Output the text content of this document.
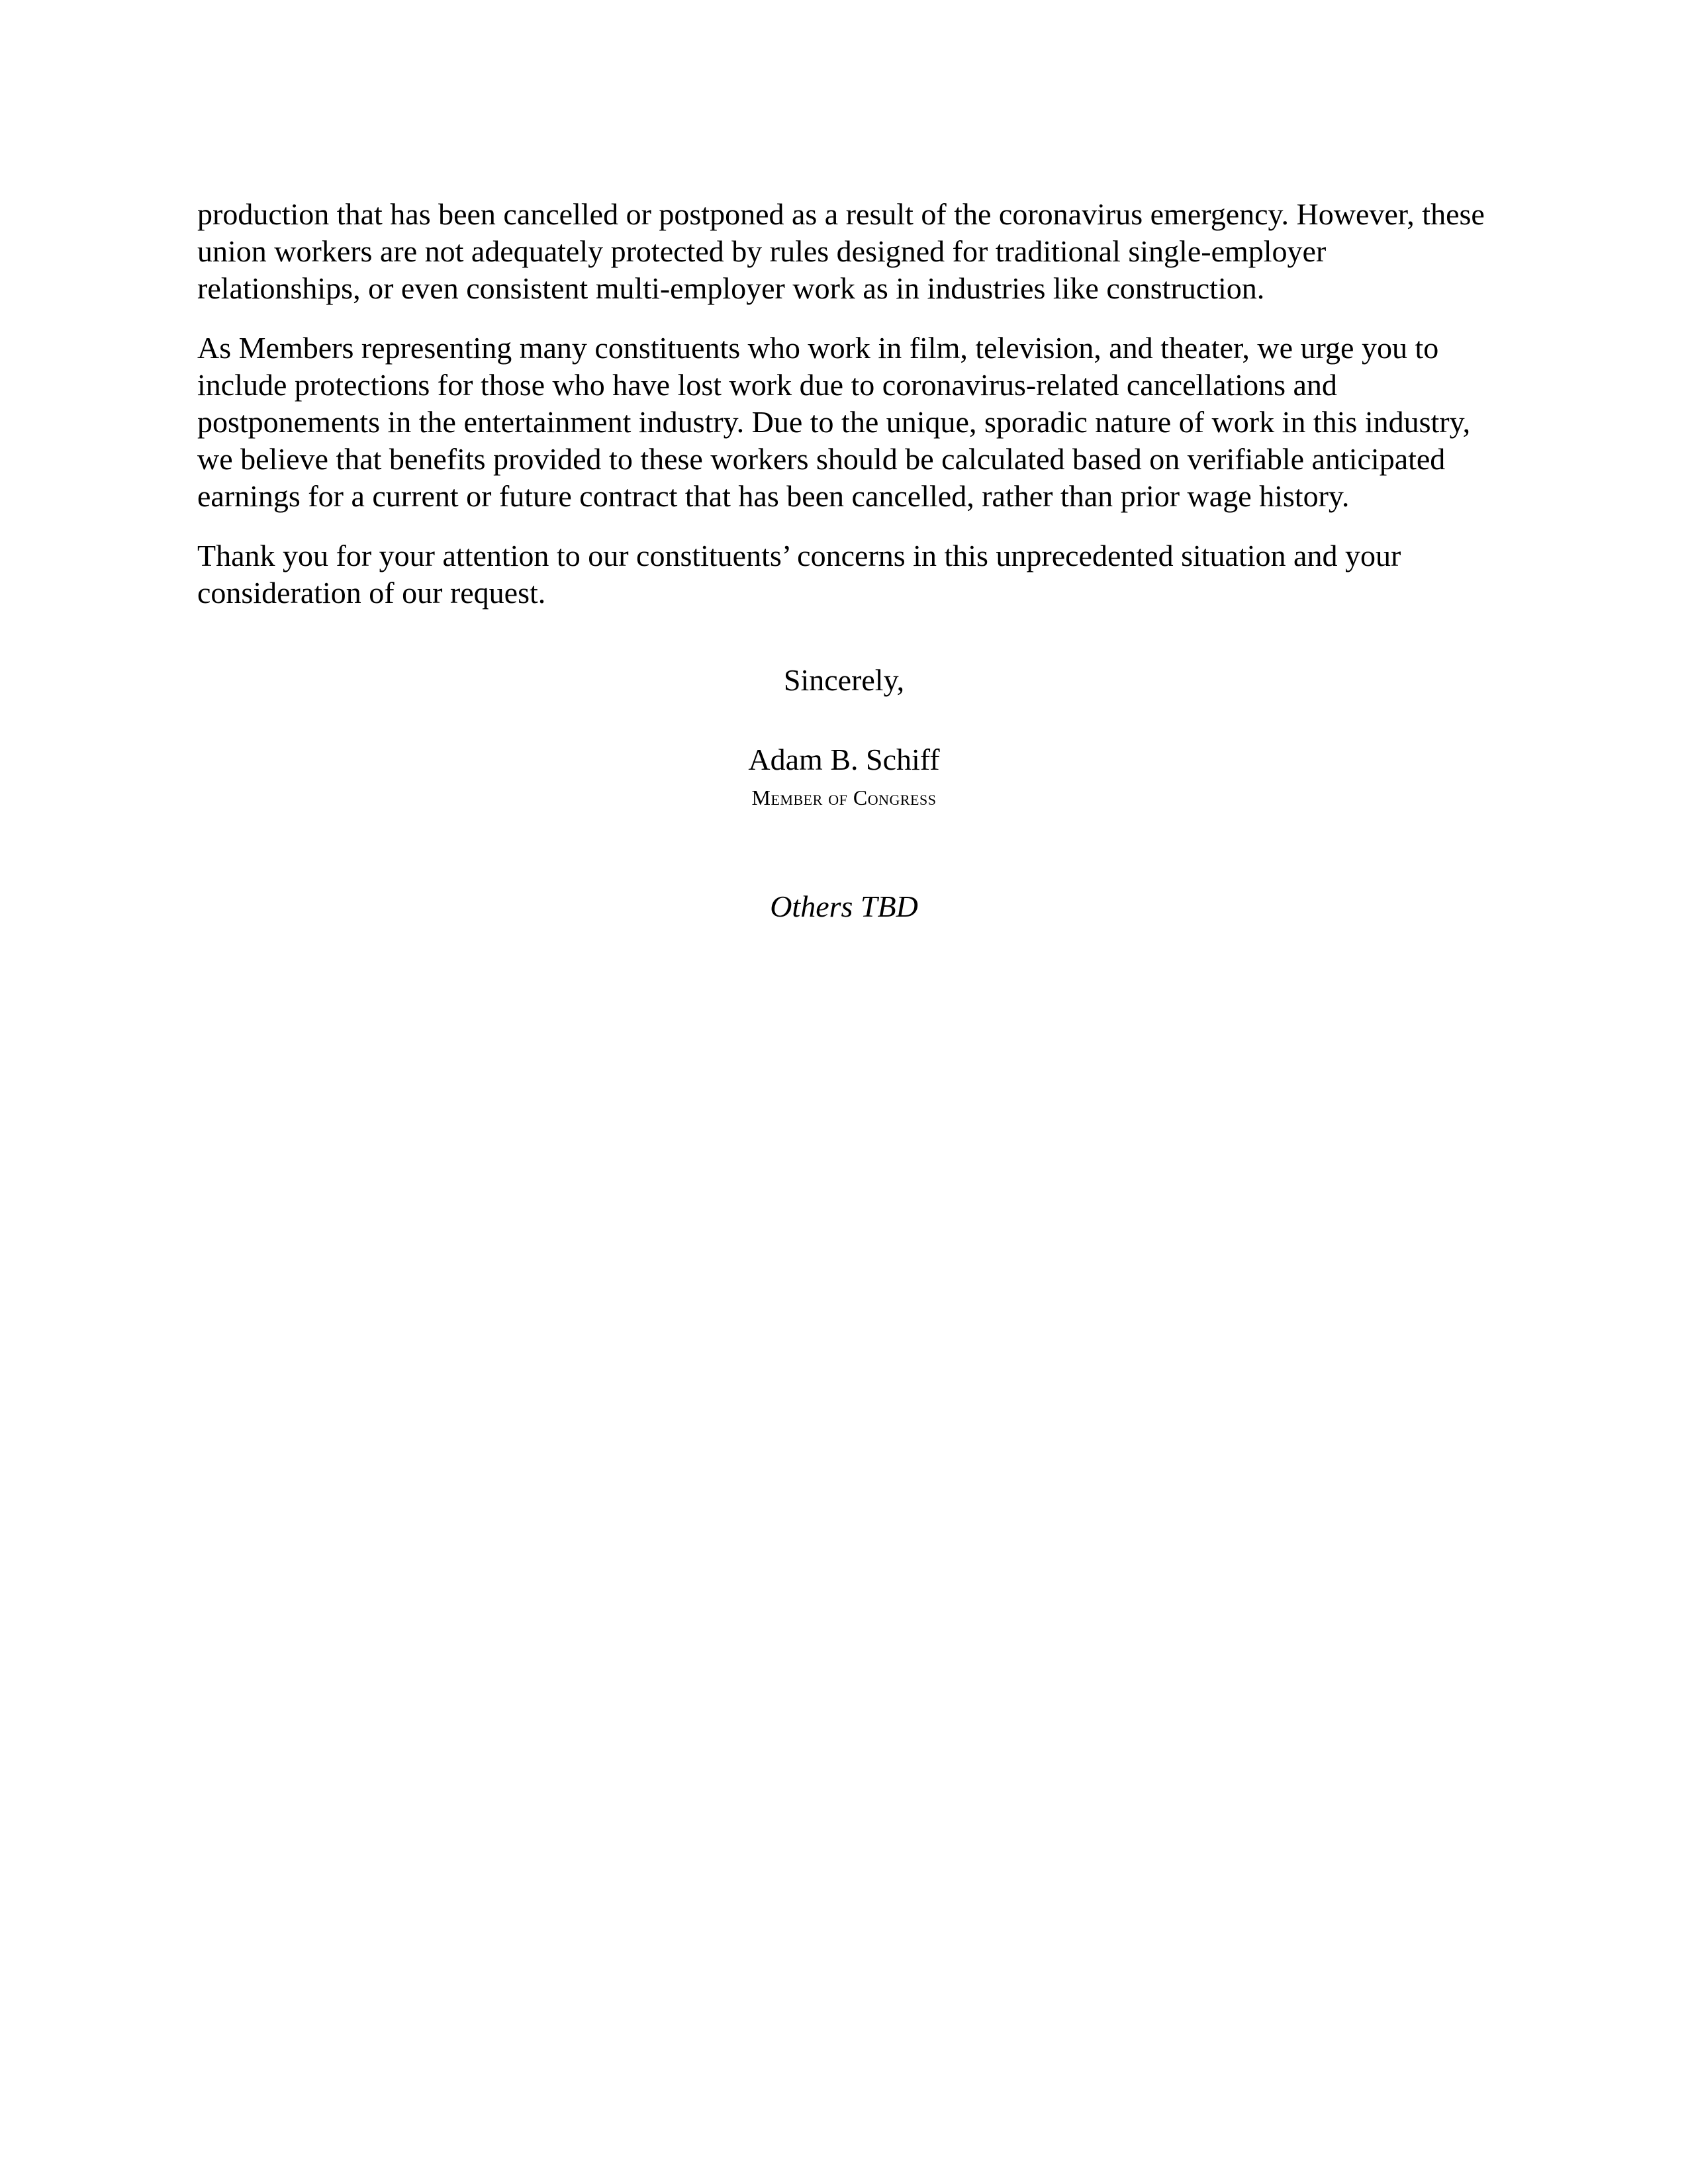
production that has been cancelled or postponed as a result of the coronavirus emergency. However, these
union workers are not adequately protected by rules designed for traditional single-employer
relationships, or even consistent multi-employer work as in industries like construction.

As Members representing many constituents who work in film, television, and theater, we urge you to
include protections for those who have lost work due to coronavirus-related cancellations and
postponements in the entertainment industry. Due to the unique, sporadic nature of work in this industry,
we believe that benefits provided to these workers should be calculated based on verifiable anticipated
earnings for a current or future contract that has been cancelled, rather than prior wage history.

Thank you for your attention to our constituents’ concerns in this unprecedented situation and your
consideration of our request.

Sincerely,
Adam B. Schiff
Member of Congress
Others TBD
